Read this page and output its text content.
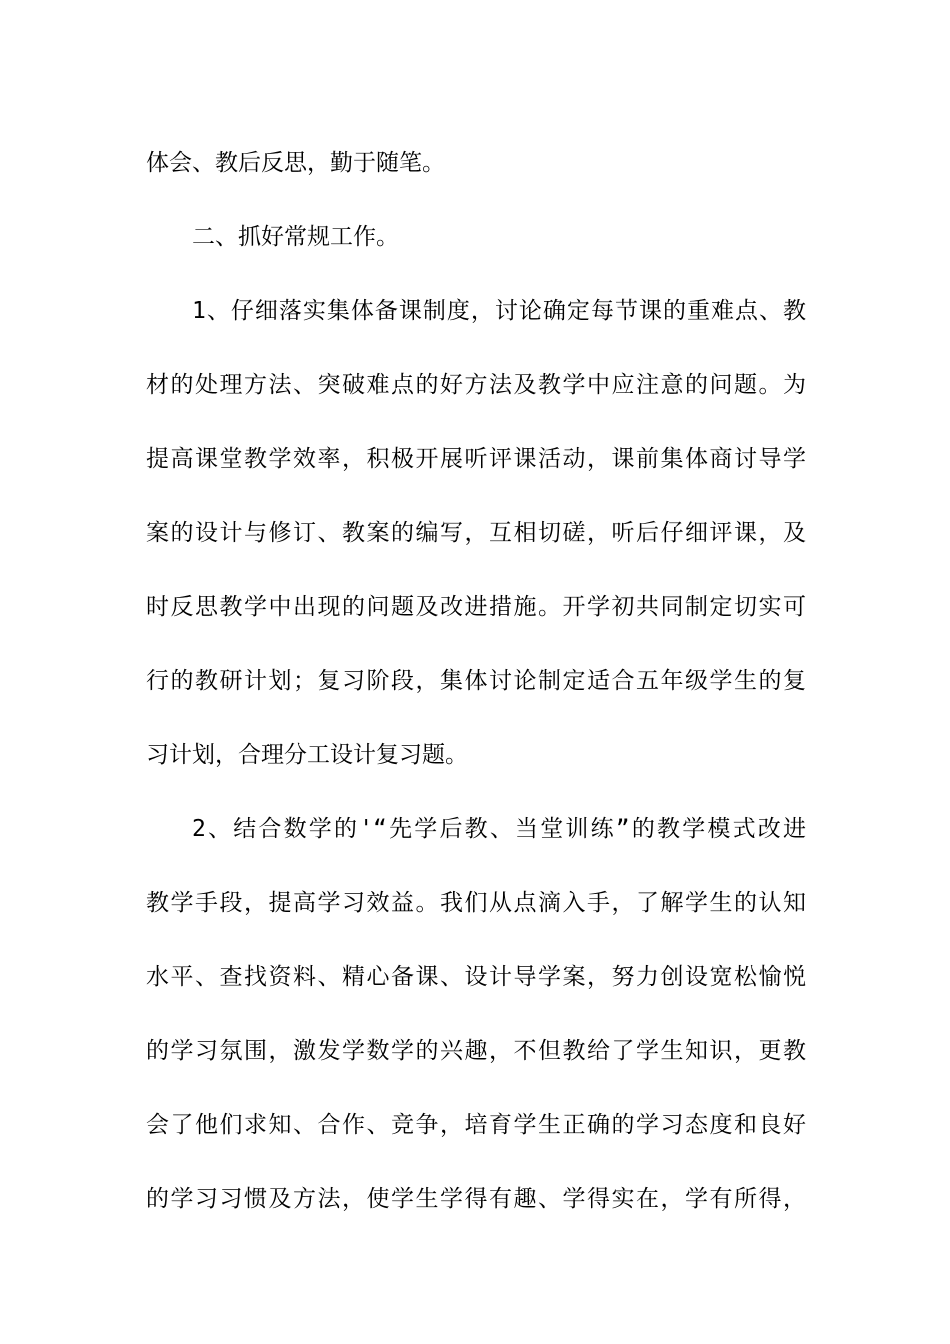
体会、教后反思，勤于随笔。
二、抓好常规工作。
1、仔细落实集体备课制度，讨论确定每节课的重难点、教
材的处理方法、突破难点的好方法及教学中应注意的问题。为
提高课堂教学效率，积极开展听评课活动，课前集体商讨导学
案的设计与修订、教案的编写，互相切磋，听后仔细评课，及
时反思教学中出现的问题及改进措施。开学初共同制定切实可
行的教研计划；复习阶段，集体讨论制定适合五年级学生的复
习计划，合理分工设计复习题。
2、结合数学的'“先学后教、当堂训练”的教学模式改进
教学手段，提高学习效益。我们从点滴入手，了解学生的认知
水平、查找资料、精心备课、设计导学案，努力创设宽松愉悦
的学习氛围，激发学数学的兴趣，不但教给了学生知识，更教
会了他们求知、合作、竞争，培育学生正确的学习态度和良好
的学习习惯及方法，使学生学得有趣、学得实在，学有所得，
